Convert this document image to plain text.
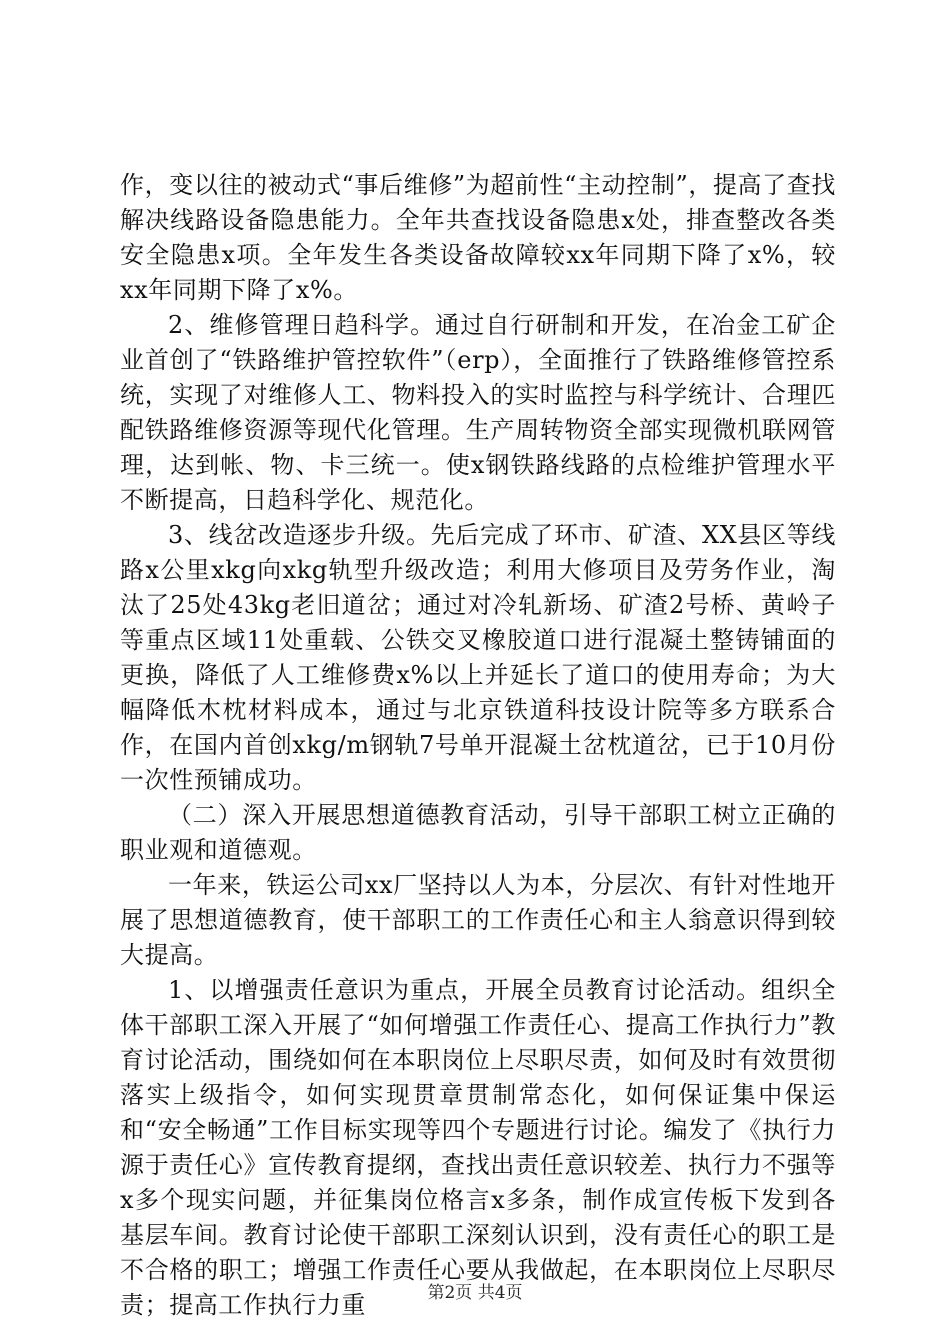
作，变以往的被动式“事后维修”为超前性“主动控制”，提高了查找解决线路设备隐患能力。全年共查找设备隐患x处，排查整改各类安全隐患x项。全年发生各类设备故障较xx年同期下降了x%，较xx年同期下降了x%。

2、维修管理日趋科学。通过自行研制和开发，在冶金工矿企业首创了“铁路维护管控软件”（erp），全面推行了铁路维修管控系统，实现了对维修人工、物料投入的实时监控与科学统计、合理匹配铁路维修资源等现代化管理。生产周转物资全部实现微机联网管理，达到帐、物、卡三统一。使x钢铁路线路的点检维护管理水平不断提高，日趋科学化、规范化。

3、线岔改造逐步升级。先后完成了环市、矿渣、XX县区等线路x公里xkg向xkg轨型升级改造；利用大修项目及劳务作业，淘汰了25处43kg老旧道岔；通过对冷轧新场、矿渣2号桥、黄岭子等重点区域11处重载、公铁交叉橡胶道口进行混凝土整铸铺面的更换，降低了人工维修费x%以上并延长了道口的使用寿命；为大幅降低木枕材料成本，通过与北京铁道科技设计院等多方联系合作，在国内首创xkg/m钢轨7号单开混凝土岔枕道岔，已于10月份一次性预铺成功。

（二）深入开展思想道德教育活动，引导干部职工树立正确的职业观和道德观。

一年来，铁运公司xx厂坚持以人为本，分层次、有针对性地开展了思想道德教育，使干部职工的工作责任心和主人翁意识得到较大提高。

1、以增强责任意识为重点，开展全员教育讨论活动。组织全体干部职工深入开展了“如何增强工作责任心、提高工作执行力”教育讨论活动，围绕如何在本职岗位上尽职尽责，如何及时有效贯彻落实上级指令，如何实现贯章贯制常态化，如何保证集中保运和“安全畅通”工作目标实现等四个专题进行讨论。编发了《执行力源于责任心》宣传教育提纲，查找出责任意识较差、执行力不强等x多个现实问题，并征集岗位格言x多条，制作成宣传板下发到各基层车间。教育讨论使干部职工深刻认识到，没有责任心的职工是不合格的职工；增强工作责任心要从我做起，在本职岗位上尽职尽责；提高工作执行力重	第2页 共4页
